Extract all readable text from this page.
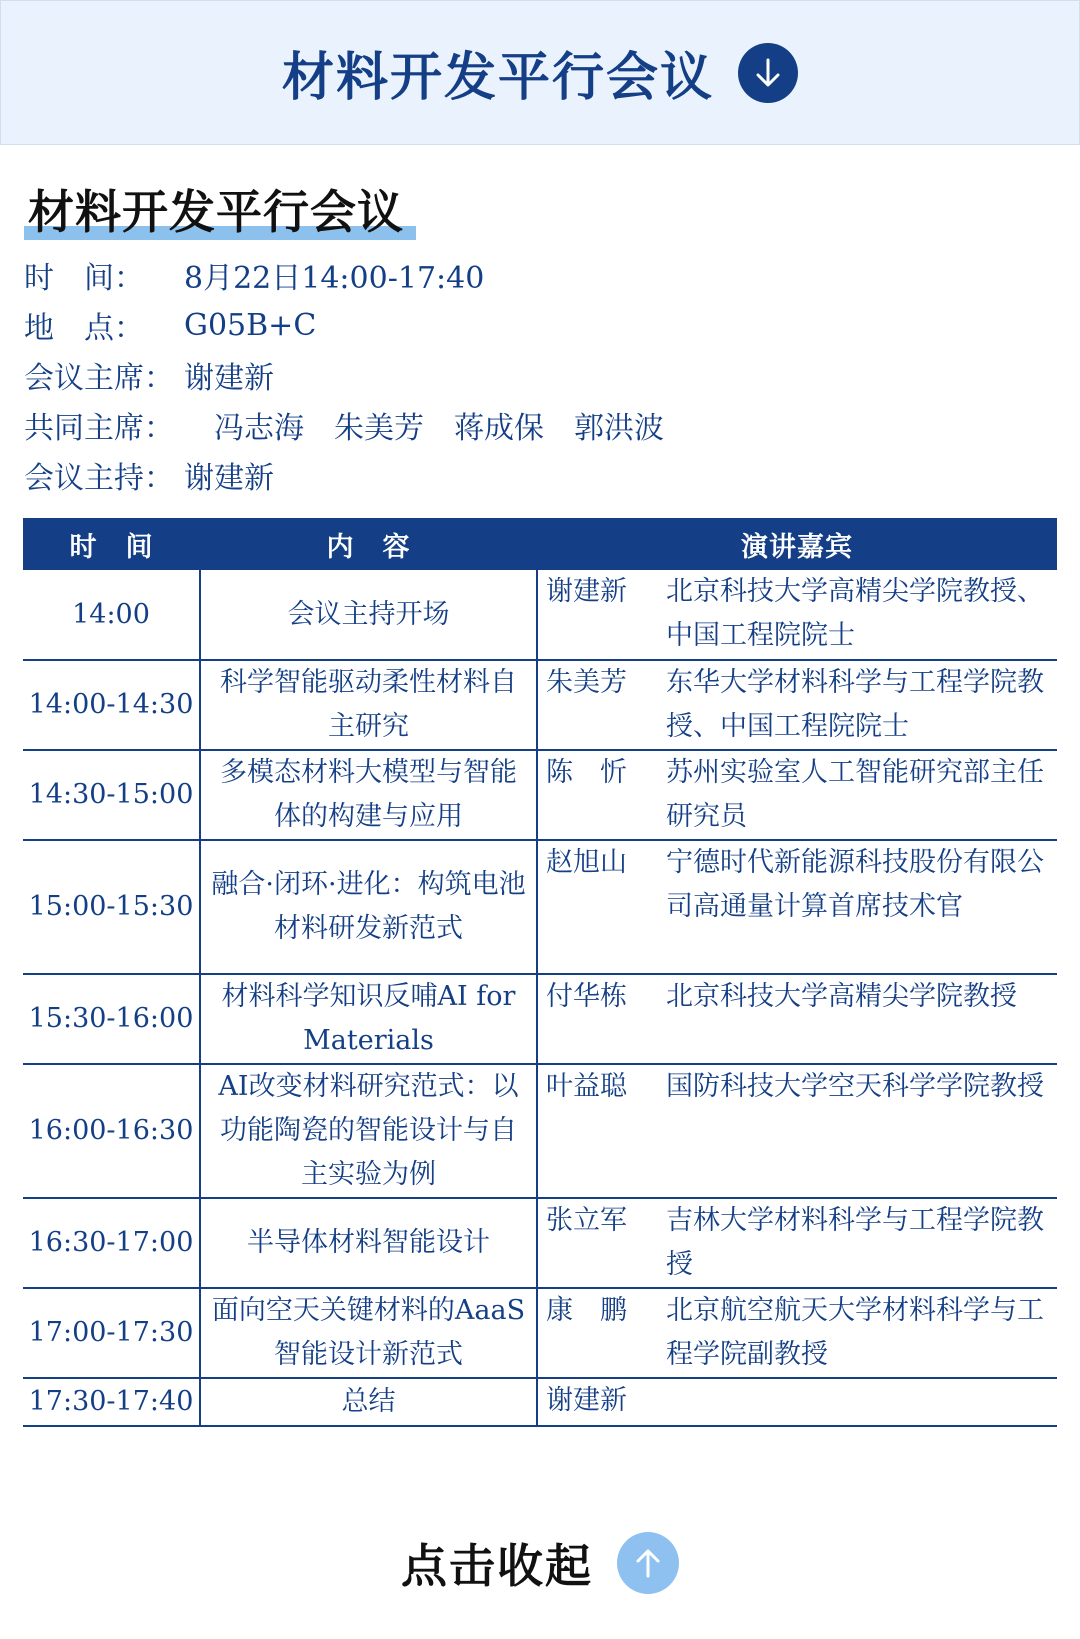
材料开发平行会议
材料开发平行会议
时　间：	8月22日14:00-17:40
地　点：	G05B+C
会议主席： 谢建新
共同主席：	冯志海 朱美芳 蒋成保 郭洪波
会议主持： 谢建新
时　间	内　容	演讲嘉宾
14:00	会议主持开场	谢建新 北京科技大学高精尖学院教授、中国工程院院士

14:00-14:30	科学智能驱动柔性材料自主研究	朱美芳 东华大学材料科学与工程学院教授、中国工程院院士

14:30-15:00	多模态材料大模型与智能体的构建与应用	陈　忻 苏州实验室人工智能研究部主任研究员

15:00-15:30	融合·闭环·进化：构筑电池材料研发新范式	赵旭山 宁德时代新能源科技股份有限公司高通量计算首席技术官

15:30-16:00	材料科学知识反哺AI for Materials	付华栋 北京科技大学高精尖学院教授

16:00-16:30	AI改变材料研究范式：以功能陶瓷的智能设计与自主实验为例	叶益聪 国防科技大学空天科学学院教授

16:30-17:00	半导体材料智能设计	张立军 吉林大学材料科学与工程学院教授

17:00-17:30	面向空天关键材料的AaaS智能设计新范式	康　鹏 北京航空航天大学材料科学与工程学院副教授

17:30-17:40	总结	谢建新
点击收起
